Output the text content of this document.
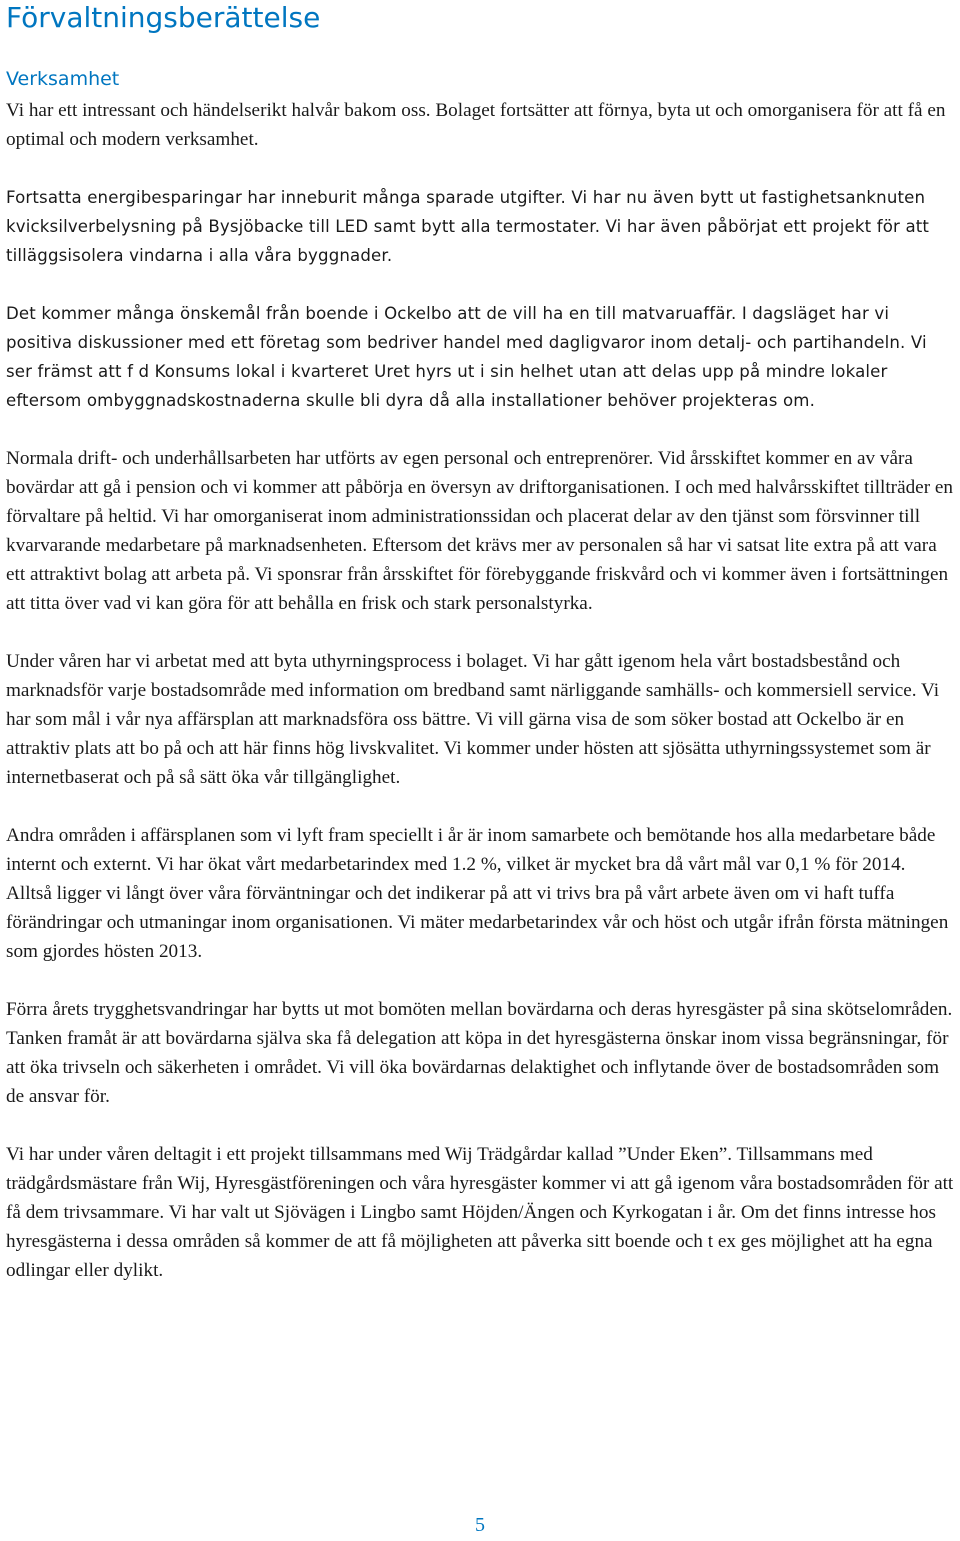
Förvaltningsberättelse
Verksamhet

Vi har ett intressant och händelserikt halvår bakom oss. Bolaget fortsätter att förnya, byta ut och omorganisera för att få en optimal och modern verksamhet.

Fortsatta energibesparingar har inneburit många sparade utgifter. Vi har nu även bytt ut fastighetsanknuten kvicksilverbelysning på Bysjöbacke till LED samt bytt alla termostater. Vi har även påbörjat ett projekt för att tilläggsisolera vindarna i alla våra byggnader.

Det kommer många önskemål från boende i Ockelbo att de vill ha en till matvaruaffär. I dagsläget har vi positiva diskussioner med ett företag som bedriver handel med dagligvaror inom detalj- och partihandeln. Vi ser främst att f d Konsums lokal i kvarteret Uret hyrs ut i sin helhet utan att delas upp på mindre lokaler eftersom ombyggnadskostnaderna skulle bli dyra då alla installationer behöver projekteras om.

Normala drift- och underhållsarbeten har utförts av egen personal och entreprenörer. Vid årsskiftet kommer en av våra bovärdar att gå i pension och vi kommer att påbörja en översyn av driftorganisationen. I och med halvårsskiftet tillträder en förvaltare på heltid. Vi har omorganiserat inom administrationssidan och placerat delar av den tjänst som försvinner till kvarvarande medarbetare på marknadsenheten. Eftersom det krävs mer av personalen så har vi satsat lite extra på att vara ett attraktivt bolag att arbeta på. Vi sponsrar från årsskiftet för förebyggande friskvård och vi kommer även i fortsättningen att titta över vad vi kan göra för att behålla en frisk och stark personalstyrka.

Under våren har vi arbetat med att byta uthyrningsprocess i bolaget. Vi har gått igenom hela vårt bostadsbestånd och marknadsför varje bostadsområde med information om bredband samt närliggande samhälls- och kommersiell service. Vi har som mål i vår nya affärsplan att marknadsföra oss bättre. Vi vill gärna visa de som söker bostad att Ockelbo är en attraktiv plats att bo på och att här finns hög livskvalitet. Vi kommer under hösten att sjösätta uthyrningssystemet som är internetbaserat och på så sätt öka vår tillgänglighet.

Andra områden i affärsplanen som vi lyft fram speciellt i år är inom samarbete och bemötande hos alla medarbetare både internt och externt. Vi har ökat vårt medarbetarindex med 1.2 %, vilket är mycket bra då vårt mål var 0,1 % för 2014. Alltså ligger vi långt över våra förväntningar och det indikerar på att vi trivs bra på vårt arbete även om vi haft tuffa förändringar och utmaningar inom organisationen. Vi mäter medarbetarindex vår och höst och utgår ifrån första mätningen som gjordes hösten 2013.

Förra årets trygghetsvandringar har bytts ut mot bomöten mellan bovärdarna och deras hyresgäster på sina skötselområden. Tanken framåt är att bovärdarna själva ska få delegation att köpa in det hyresgästerna önskar inom vissa begränsningar, för att öka trivseln och säkerheten i området. Vi vill öka bovärdarnas delaktighet och inflytande över de bostadsområden som de ansvar för.

Vi har under våren deltagit i ett projekt tillsammans med Wij Trädgårdar kallad ”Under Eken”. Tillsammans med trädgårdsmästare från Wij, Hyresgästföreningen och våra hyresgäster kommer vi att gå igenom våra bostadsområden för att få dem trivsammare. Vi har valt ut Sjövägen i Lingbo samt Höjden/Ängen och Kyrkogatan i år. Om det finns intresse hos hyresgästerna i dessa områden så kommer de att få möjligheten att påverka sitt boende och t ex ges möjlighet att ha egna odlingar eller dylikt.

5
